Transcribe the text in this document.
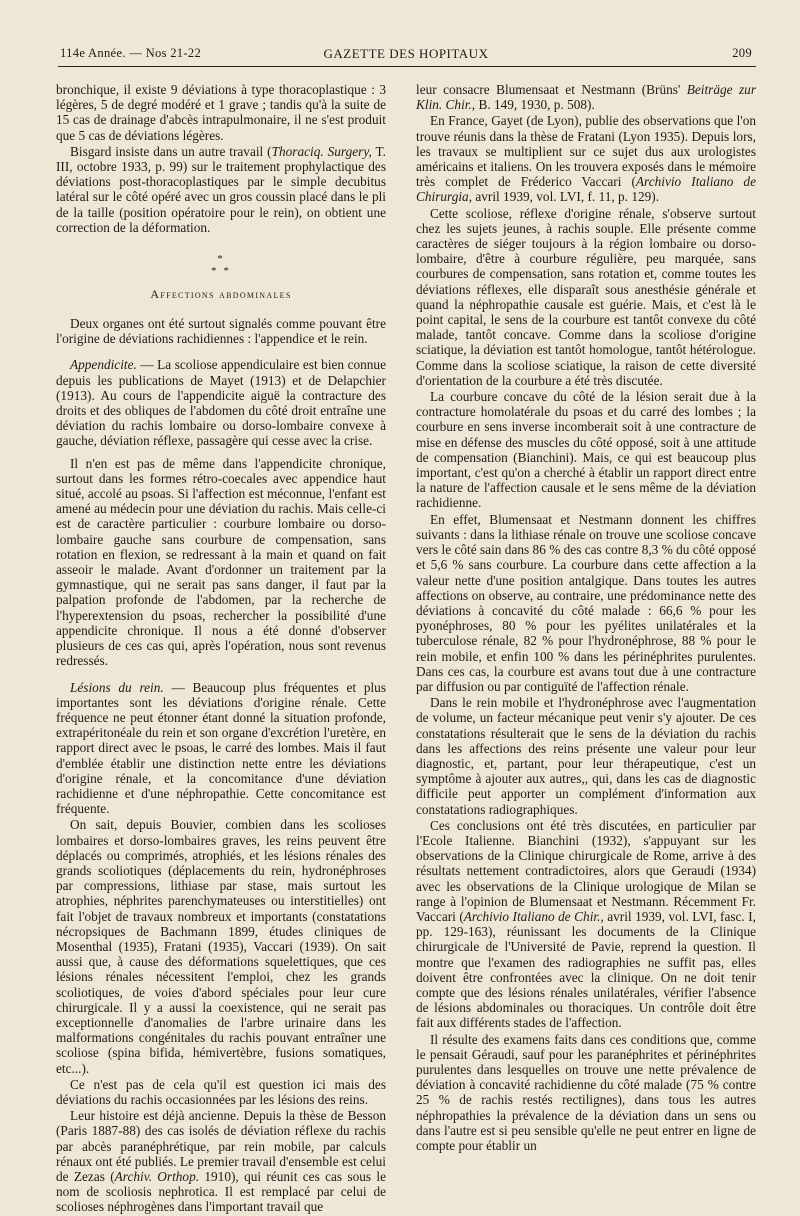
114e Année. — Nos 21-22	GAZETTE DES HOPITAUX	209

bronchique, il existe 9 déviations à type thoracoplastique : 3 légères, 5 de degré modéré et 1 grave ; tandis qu'à la suite de 15 cas de drainage d'abcès intrapulmonaire, il ne s'est produit que 5 cas de déviations légères.

Bisgard insiste dans un autre travail (Thoraciq. Surgery, T. III, octobre 1933, p. 99) sur le traitement prophylactique des déviations post-thoracoplastiques par le simple decubitus latéral sur le côté opéré avec un gros coussin placé dans le pli de la taille (position opératoire pour le rein), on obtient une correction de la déformation.

*
* *
Affections abdominales

Deux organes ont été surtout signalés comme pouvant être l'origine de déviations rachidiennes : l'appendice et le rein.

Appendicite. — La scoliose appendiculaire est bien connue depuis les publications de Mayet (1913) et de Delapchier (1913). Au cours de l'appendicite aiguë la contracture des droits et des obliques de l'abdomen du côté droit entraîne une déviation du rachis lombaire ou dorso-lombaire convexe à gauche, déviation réflexe, passagère qui cesse avec la crise.

Il n'en est pas de même dans l'appendicite chronique, surtout dans les formes rétro-coecales avec appendice haut situé, accolé au psoas. Si l'affection est méconnue, l'enfant est amené au médecin pour une déviation du rachis. Mais celle-ci est de caractère particulier : courbure lombaire ou dorso-lombaire gauche sans courbure de compensation, sans rotation en flexion, se redressant à la main et quand on fait asseoir le malade. Avant d'ordonner un traitement par la gymnastique, qui ne serait pas sans danger, il faut par la palpation profonde de l'abdomen, par la recherche de l'hyperextension du psoas, rechercher la possibilité d'une appendicite chronique. Il nous a été donné d'observer plusieurs de ces cas qui, après l'opération, nous sont revenus redressés.

Lésions du rein. — Beaucoup plus fréquentes et plus importantes sont les déviations d'origine rénale. Cette fréquence ne peut étonner étant donné la situation profonde, extrapéritonéale du rein et son organe d'excrétion l'uretère, en rapport direct avec le psoas, le carré des lombes. Mais il faut d'emblée établir une distinction nette entre les déviations d'origine rénale, et la concomitance d'une déviation rachidienne et d'une néphropathie. Cette concomitance est fréquente.

On sait, depuis Bouvier, combien dans les scolioses lombaires et dorso-lombaires graves, les reins peuvent être déplacés ou comprimés, atrophiés, et les lésions rénales des grands scoliotiques (déplacements du rein, hydronéphroses par compressions, lithiase par stase, mais surtout les atrophies, néphrites parenchymateuses ou interstitielles) ont fait l'objet de travaux nombreux et importants (constatations nécropsiques de Bachmann 1899, études cliniques de Mosenthal (1935), Fratani (1935), Vaccari (1939). On sait aussi que, à cause des déformations squelettiques, que ces lésions rénales nécessitent l'emploi, chez les grands scoliotiques, de voies d'abord spéciales pour leur cure chirurgicale. Il y a aussi la coexistence, qui ne serait pas exceptionnelle d'anomalies de l'arbre urinaire dans les malformations congénitales du rachis pouvant entraîner une scoliose (spina bifida, hémivertèbre, fusions somatiques, etc...).

Ce n'est pas de cela qu'il est question ici mais des déviations du rachis occasionnées par les lésions des reins.

Leur histoire est déjà ancienne. Depuis la thèse de Besson (Paris 1887-88) des cas isolés de déviation réflexe du rachis par abcès paranéphrétique, par rein mobile, par calculs rénaux ont été publiés. Le premier travail d'ensemble est celui de Zezas (Archiv. Orthop. 1910), qui réunit ces cas sous le nom de scoliosis nephrotica. Il est remplacé par celui de scolioses néphrogènes dans l'important travail que

leur consacre Blumensaat et Nestmann (Brüns' Beiträge zur Klin. Chir., B. 149, 1930, p. 508).

En France, Gayet (de Lyon), publie des observations que l'on trouve réunis dans la thèse de Fratani (Lyon 1935). Depuis lors, les travaux se multiplient sur ce sujet dus aux urologistes américains et italiens. On les trouvera exposés dans le mémoire très complet de Fréderico Vaccari (Archivio Italiano de Chirurgia, avril 1939, vol. LVI, f. 11, p. 129).

Cette scoliose, réflexe d'origine rénale, s'observe surtout chez les sujets jeunes, à rachis souple. Elle présente comme caractères de siéger toujours à la région lombaire ou dorso-lombaire, d'être à courbure régulière, peu marquée, sans courbures de compensation, sans rotation et, comme toutes les déviations réflexes, elle disparaît sous anesthésie générale et quand la néphropathie causale est guérie. Mais, et c'est là le point capital, le sens de la courbure est tantôt convexe du côté malade, tantôt concave. Comme dans la scoliose d'origine sciatique, la déviation est tantôt homologue, tantôt hétérologue. Comme dans la scoliose sciatique, la raison de cette diversité d'orientation de la courbure a été très discutée.

La courbure concave du côté de la lésion serait due à la contracture homolatérale du psoas et du carré des lombes ; la courbure en sens inverse incomberait soit à une contracture de mise en défense des muscles du côté opposé, soit à une attitude de compensation (Bianchini). Mais, ce qui est beaucoup plus important, c'est qu'on a cherché à établir un rapport direct entre la nature de l'affection causale et le sens même de la déviation rachidienne.

En effet, Blumensaat et Nestmann donnent les chiffres suivants : dans la lithiase rénale on trouve une scoliose concave vers le côté sain dans 86 % des cas contre 8,3 % du côté opposé et 5,6 % sans courbure. La courbure dans cette affection a la valeur nette d'une position antalgique. Dans toutes les autres affections on observe, au contraire, une prédominance nette des déviations à concavité du côté malade : 66,6 % pour les pyonéphroses, 80 % pour les pyélites unilatérales et la tuberculose rénale, 82 % pour l'hydronéphrose, 88 % pour le rein mobile, et enfin 100 % dans les périnéphrites purulentes. Dans ces cas, la courbure est avans tout due à une contracture par diffusion ou par contiguïté de l'affection rénale.

Dans le rein mobile et l'hydronéphrose avec l'augmentation de volume, un facteur mécanique peut venir s'y ajouter. De ces constatations résulterait que le sens de la déviation du rachis dans les affections des reins présente une valeur pour leur diagnostic, et, partant, pour leur thérapeutique, c'est un symptôme à ajouter aux autres,, qui, dans les cas de diagnostic difficile peut apporter un complément d'information aux constatations radiographiques.

Ces conclusions ont été très discutées, en particulier par l'Ecole Italienne. Bianchini (1932), s'appuyant sur les observations de la Clinique chirurgicale de Rome, arrive à des résultats nettement contradictoires, alors que Geraudi (1934) avec les observations de la Clinique urologique de Milan se range à l'opinion de Blumensaat et Nestmann. Récemment Fr. Vaccari (Archivio Italiano de Chir., avril 1939, vol. LVI, fasc. I, pp. 129-163), réunissant les documents de la Clinique chirurgicale de l'Université de Pavie, reprend la question. Il montre que l'examen des radiographies ne suffit pas, elles doivent être confrontées avec la clinique. On ne doit tenir compte que des lésions rénales unilatérales, vérifier l'absence de lésions abdominales ou thoraciques. Un contrôle doit être fait aux différents stades de l'affection.

Il résulte des examens faits dans ces conditions que, comme le pensait Géraudi, sauf pour les paranéphrites et périnéphrites purulentes dans lesquelles on trouve une nette prévalence de déviation à concavité rachidienne du côté malade (75 % contre 25 % de rachis restés rectilignes), dans tous les autres néphropathies la prévalence de la déviation dans un sens ou dans l'autre est si peu sensible qu'elle ne peut entrer en ligne de compte pour établir un
